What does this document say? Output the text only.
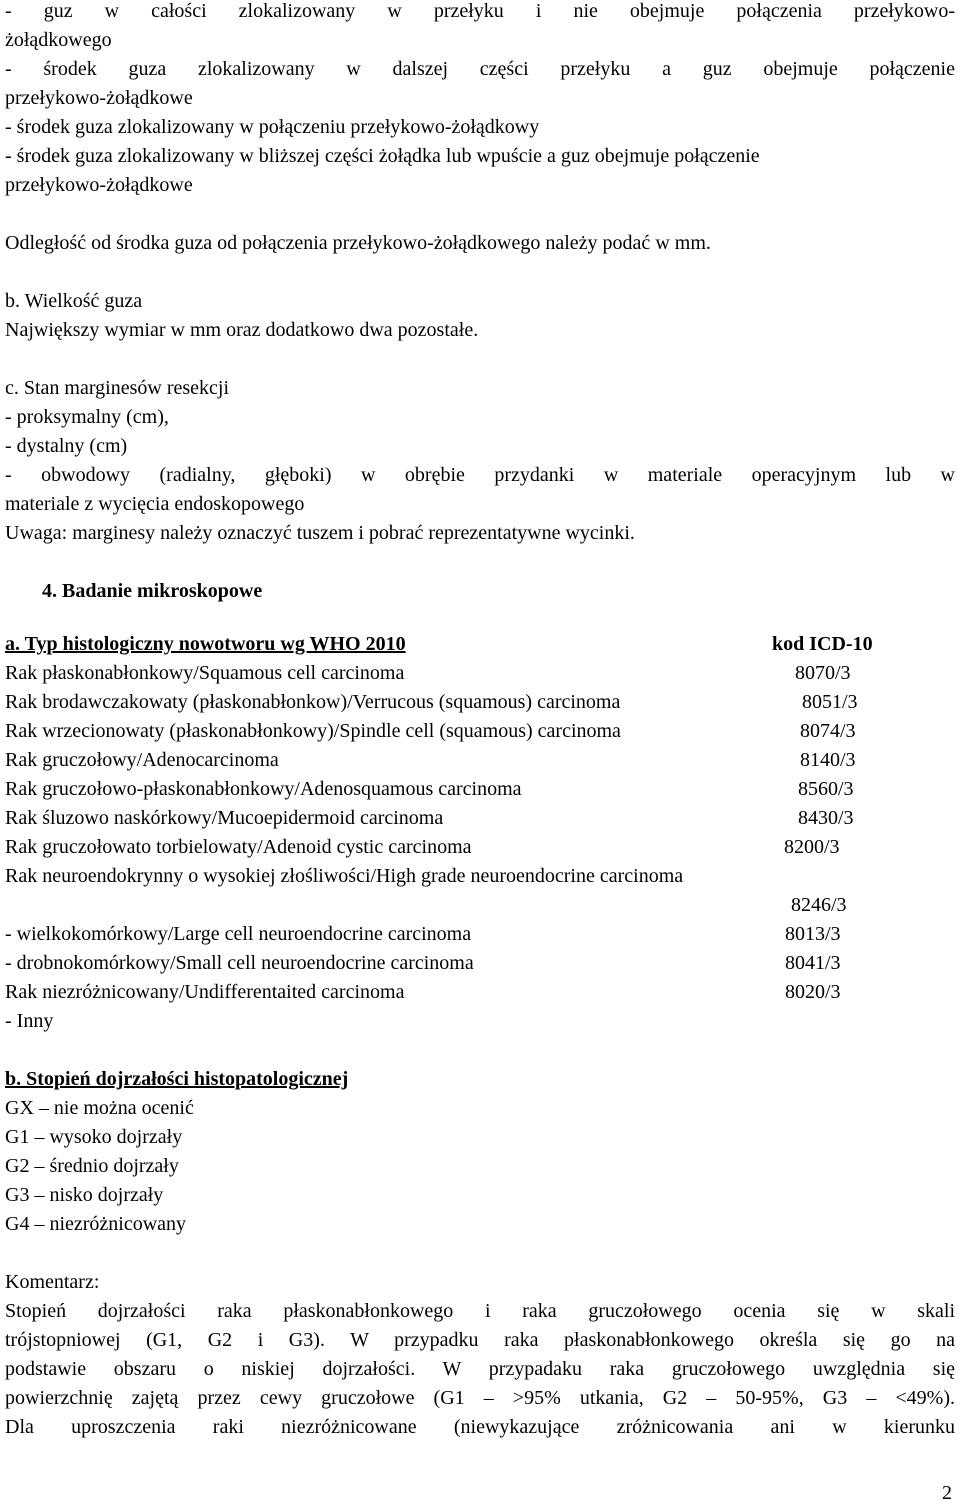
- guz w całości zlokalizowany w przełyku i nie obejmuje połączenia przełykowo-
żołądkowego
- środek guza zlokalizowany w dalszej części przełyku a guz obejmuje połączenie
przełykowo-żołądkowe
- środek guza zlokalizowany w połączeniu przełykowo-żołądkowy
- środek guza zlokalizowany w bliższej części żołądka lub wpuście a guz obejmuje połączenie
przełykowo-żołądkowe
Odległość od środka guza od połączenia przełykowo-żołądkowego należy podać w mm.
b. Wielkość guza
Największy wymiar w mm oraz dodatkowo dwa pozostałe.
c. Stan marginesów resekcji
- proksymalny (cm),
- dystalny (cm)
- obwodowy (radialny, głęboki) w obrębie przydanki w materiale operacyjnym lub w
materiale z wycięcia endoskopowego
Uwaga: marginesy należy oznaczyć tuszem i pobrać reprezentatywne wycinki.
4. Badanie mikroskopowe
a. Typ histologiczny nowotworu wg WHO 2010	kod ICD-10
Rak płaskonabłonkowy/Squamous cell carcinoma	8070/3
Rak brodawczakowaty (płaskonabłonkow)/Verrucous (squamous) carcinoma	8051/3
Rak wrzecionowaty (płaskonabłonkowy)/Spindle cell (squamous) carcinoma	8074/3
Rak gruczołowy/Adenocarcinoma	8140/3
Rak gruczołowo-płaskonabłonkowy/Adenosquamous carcinoma	8560/3
Rak śluzowo naskórkowy/Mucoepidermoid carcinoma	8430/3
Rak gruczołowato torbielowaty/Adenoid cystic carcinoma	8200/3
Rak neuroendokrynny o wysokiej złośliwości/High grade neuroendocrine carcinoma
8246/3
- wielkokomórkowy/Large cell neuroendocrine carcinoma	8013/3
- drobnokomórkowy/Small cell neuroendocrine carcinoma	8041/3
Rak niezróżnicowany/Undifferentaited carcinoma	8020/3
- Inny
b. Stopień dojrzałości histopatologicznej
GX – nie można ocenić
G1 – wysoko dojrzały
G2 – średnio dojrzały
G3 – nisko dojrzały
G4 – niezróżnicowany
Komentarz:
Stopień dojrzałości raka płaskonabłonkowego i raka gruczołowego ocenia się w skali
trójstopniowej (G1, G2 i G3). W przypadku raka płaskonabłonkowego określa się go na
podstawie obszaru o niskiej dojrzałości. W przypadaku raka gruczołowego uwzględnia się
powierzchnię zajętą przez cewy gruczołowe (G1 – >95% utkania, G2 – 50-95%, G3 – <49%).
Dla uproszczenia raki niezróżnicowane (niewykazujące zróżnicowania ani w kierunku
2
